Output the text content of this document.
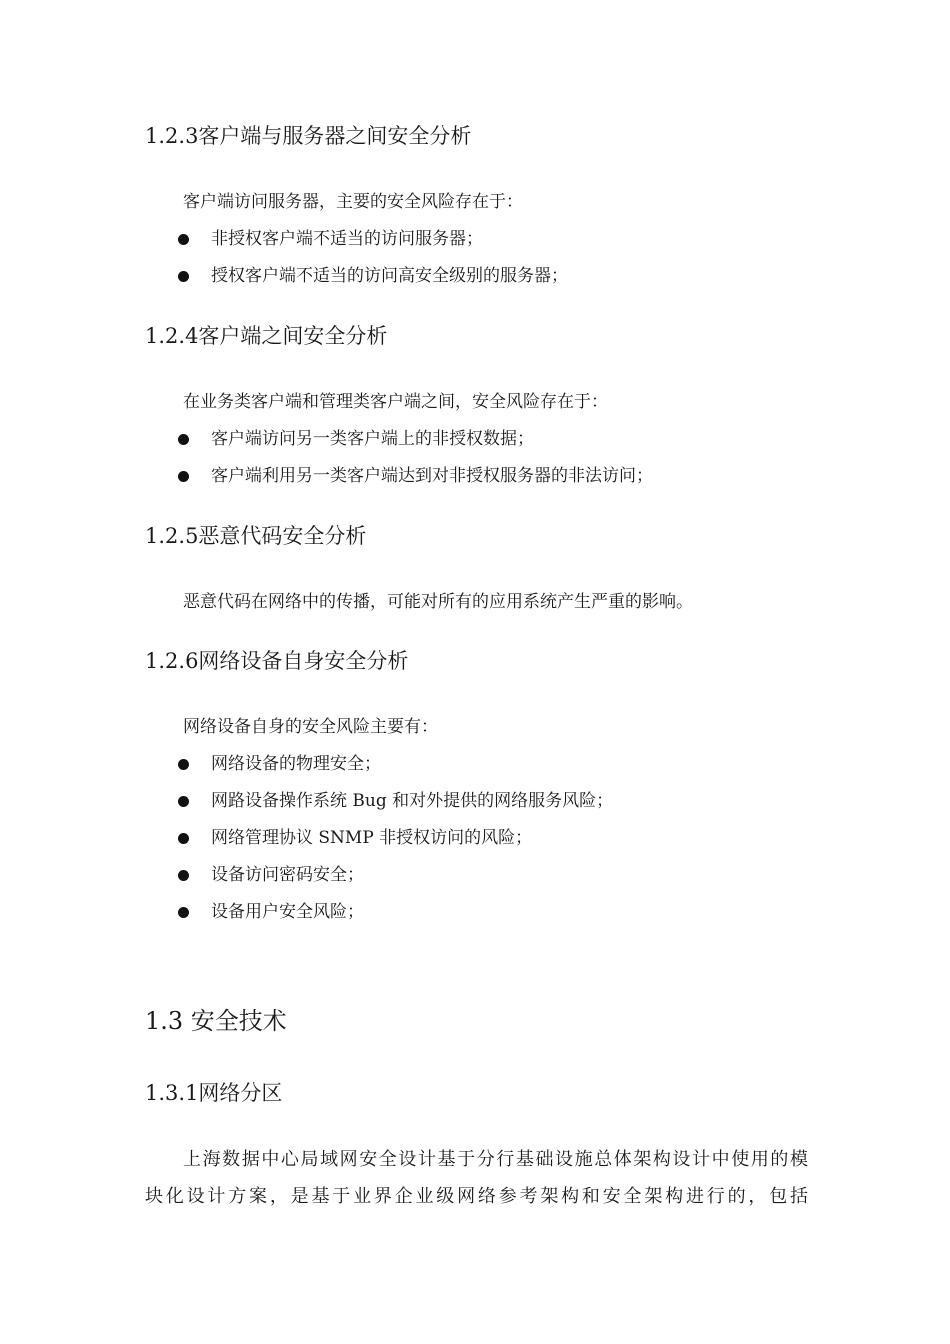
1.2.3客户端与服务器之间安全分析
客户端访问服务器，主要的安全风险存在于：
非授权客户端不适当的访问服务器；
授权客户端不适当的访问高安全级别的服务器；
1.2.4客户端之间安全分析
在业务类客户端和管理类客户端之间，安全风险存在于：
客户端访问另一类客户端上的非授权数据；
客户端利用另一类客户端达到对非授权服务器的非法访问；
1.2.5恶意代码安全分析
恶意代码在网络中的传播，可能对所有的应用系统产生严重的影响。
1.2.6网络设备自身安全分析
网络设备自身的安全风险主要有：
网络设备的物理安全；
网路设备操作系统 Bug 和对外提供的网络服务风险；
网络管理协议 SNMP 非授权访问的风险；
设备访问密码安全；
设备用户安全风险；
1.3 安全技术
1.3.1网络分区
上海数据中心局域网安全设计基于分行基础设施总体架构设计中使用的模
块化设计方案，是基于业界企业级网络参考架构和安全架构进行的，包括
